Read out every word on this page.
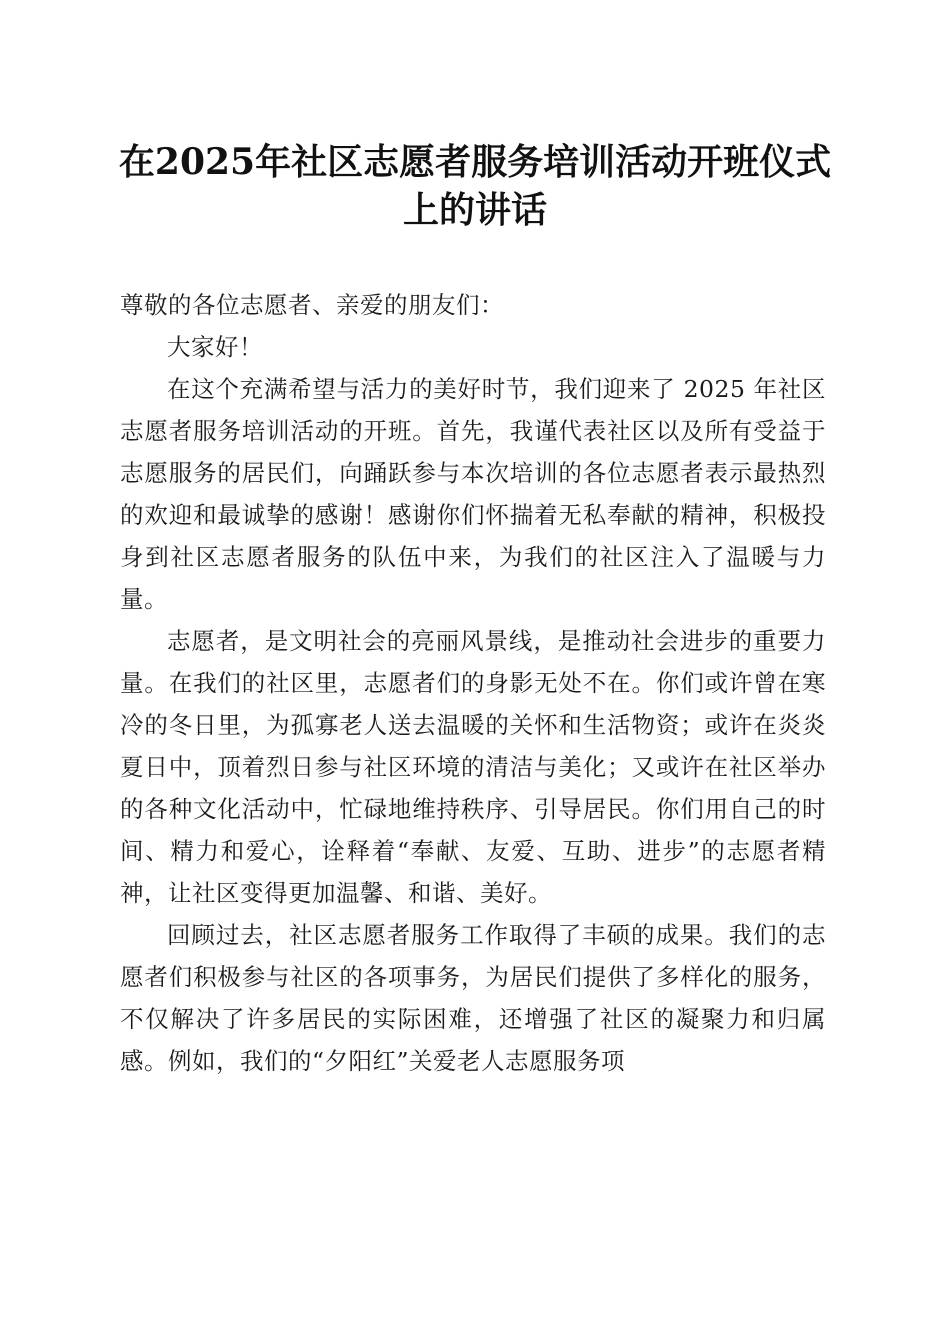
在2025年社区志愿者服务培训活动开班仪式上的讲话

尊敬的各位志愿者、亲爱的朋友们：

大家好！

在这个充满希望与活力的美好时节，我们迎来了 2025 年社区志愿者服务培训活动的开班。首先，我谨代表社区以及所有受益于志愿服务的居民们，向踊跃参与本次培训的各位志愿者表示最热烈的欢迎和最诚挚的感谢！感谢你们怀揣着无私奉献的精神，积极投身到社区志愿者服务的队伍中来，为我们的社区注入了温暖与力量。

志愿者，是文明社会的亮丽风景线，是推动社会进步的重要力量。在我们的社区里，志愿者们的身影无处不在。你们或许曾在寒冷的冬日里，为孤寡老人送去温暖的关怀和生活物资；或许在炎炎夏日中，顶着烈日参与社区环境的清洁与美化；又或许在社区举办的各种文化活动中，忙碌地维持秩序、引导居民。你们用自己的时间、精力和爱心，诠释着“奉献、友爱、互助、进步”的志愿者精神，让社区变得更加温馨、和谐、美好。

回顾过去，社区志愿者服务工作取得了丰硕的成果。我们的志愿者们积极参与社区的各项事务，为居民们提供了多样化的服务，不仅解决了许多居民的实际困难，还增强了社区的凝聚力和归属感。例如，我们的“夕阳红”关爱老人志愿服务项
